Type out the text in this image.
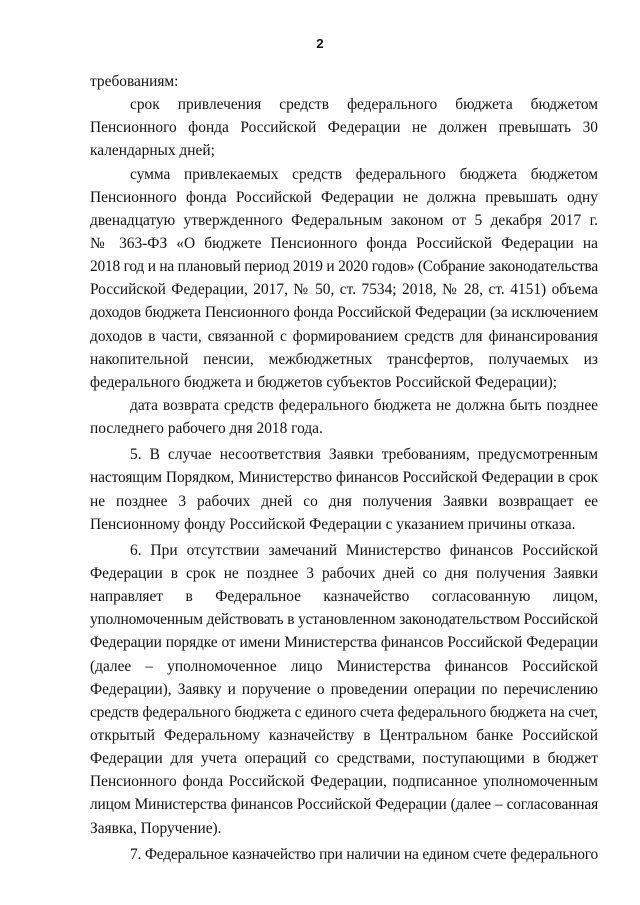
2
требованиям:
срок привлечения средств федерального бюджета бюджетом
Пенсионного фонда Российской Федерации не должен превышать 30
календарных дней;
сумма привлекаемых средств федерального бюджета бюджетом
Пенсионного фонда Российской Федерации не должна превышать одну
двенадцатую утвержденного Федеральным законом от 5 декабря 2017 г.
№ 363-ФЗ «О бюджете Пенсионного фонда Российской Федерации на
2018 год и на плановый период 2019 и 2020 годов» (Собрание законодательства
Российской Федерации, 2017, № 50, ст. 7534; 2018, № 28, ст. 4151) объема
доходов бюджета Пенсионного фонда Российской Федерации (за исключением
доходов в части, связанной с формированием средств для финансирования
накопительной пенсии, межбюджетных трансфертов, получаемых из
федерального бюджета и бюджетов субъектов Российской Федерации);
дата возврата средств федерального бюджета не должна быть позднее
последнего рабочего дня 2018 года.
5. В случае несоответствия Заявки требованиям, предусмотренным
настоящим Порядком, Министерство финансов Российской Федерации в срок
не позднее 3 рабочих дней со дня получения Заявки возвращает ее
Пенсионному фонду Российской Федерации с указанием причины отказа.
6. При отсутствии замечаний Министерство финансов Российской
Федерации в срок не позднее 3 рабочих дней со дня получения Заявки
направляет в Федеральное казначейство согласованную лицом,
уполномоченным действовать в установленном законодательством Российской
Федерации порядке от имени Министерства финансов Российской Федерации
(далее – уполномоченное лицо Министерства финансов Российской
Федерации), Заявку и поручение о проведении операции по перечислению
средств федерального бюджета с единого счета федерального бюджета на счет,
открытый Федеральному казначейству в Центральном банке Российской
Федерации для учета операций со средствами, поступающими в бюджет
Пенсионного фонда Российской Федерации, подписанное уполномоченным
лицом Министерства финансов Российской Федерации (далее – согласованная
Заявка, Поручение).
7. Федеральное казначейство при наличии на едином счете федерального
